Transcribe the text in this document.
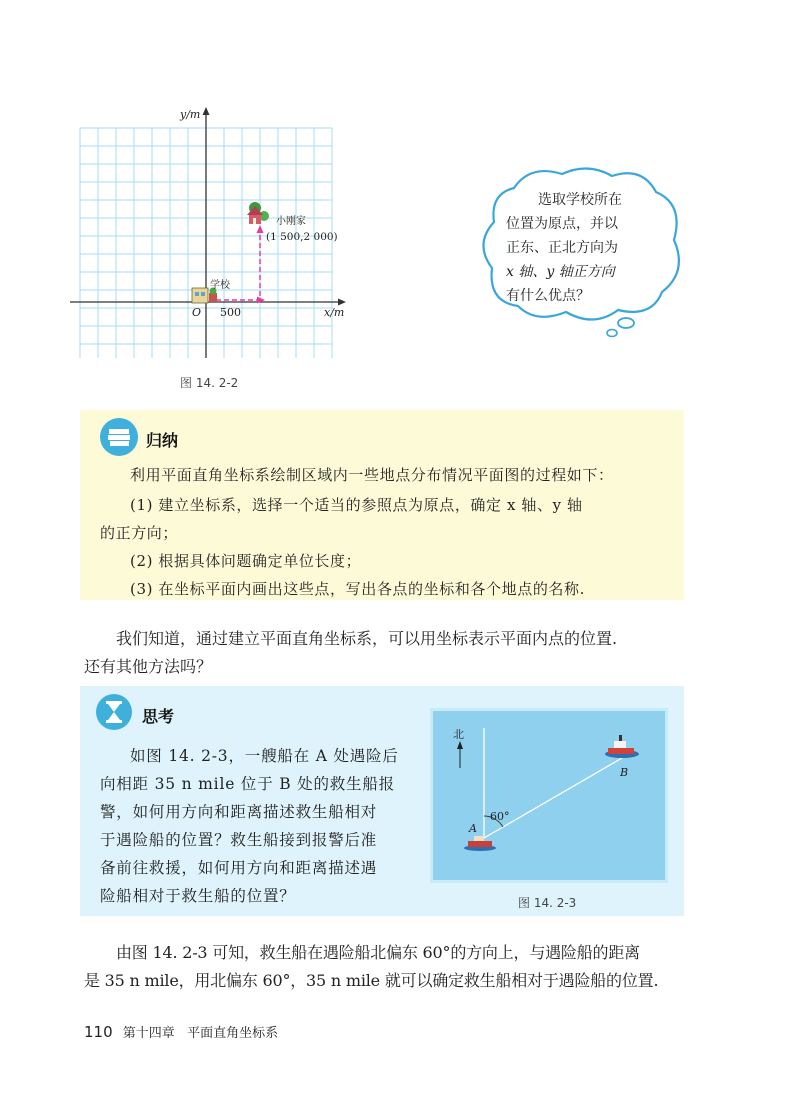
y/m
x/m
O 500
学校
小刚家
(1 500,2 000)
图 14. 2-2
选取学校所在
位置为原点，并以
正东、正北方向为
x 轴、y 轴正方向
有什么优点？
归纳
利用平面直角坐标系绘制区域内一些地点分布情况平面图的过程如下：
(1) 建立坐标系，选择一个适当的参照点为原点，确定 x 轴、y 轴
的正方向；
(2) 根据具体问题确定单位长度；
(3) 在坐标平面内画出这些点，写出各点的坐标和各个地点的名称.
我们知道，通过建立平面直角坐标系，可以用坐标表示平面内点的位置.
还有其他方法吗？
思考
如图 14. 2-3，一艘船在 A 处遇险后
向相距 35 n mile 位于 B 处的救生船报
警，如何用方向和距离描述救生船相对
于遇险船的位置？救生船接到报警后准
备前往救援，如何用方向和距离描述遇
险船相对于救生船的位置？
北
60°
A
B
图 14. 2-3
由图 14. 2-3 可知，救生船在遇险船北偏东 60°的方向上，与遇险船的距离
是 35 n mile，用北偏东 60°，35 n mile 就可以确定救生船相对于遇险船的位置.
110 第十四章   平面直角坐标系
